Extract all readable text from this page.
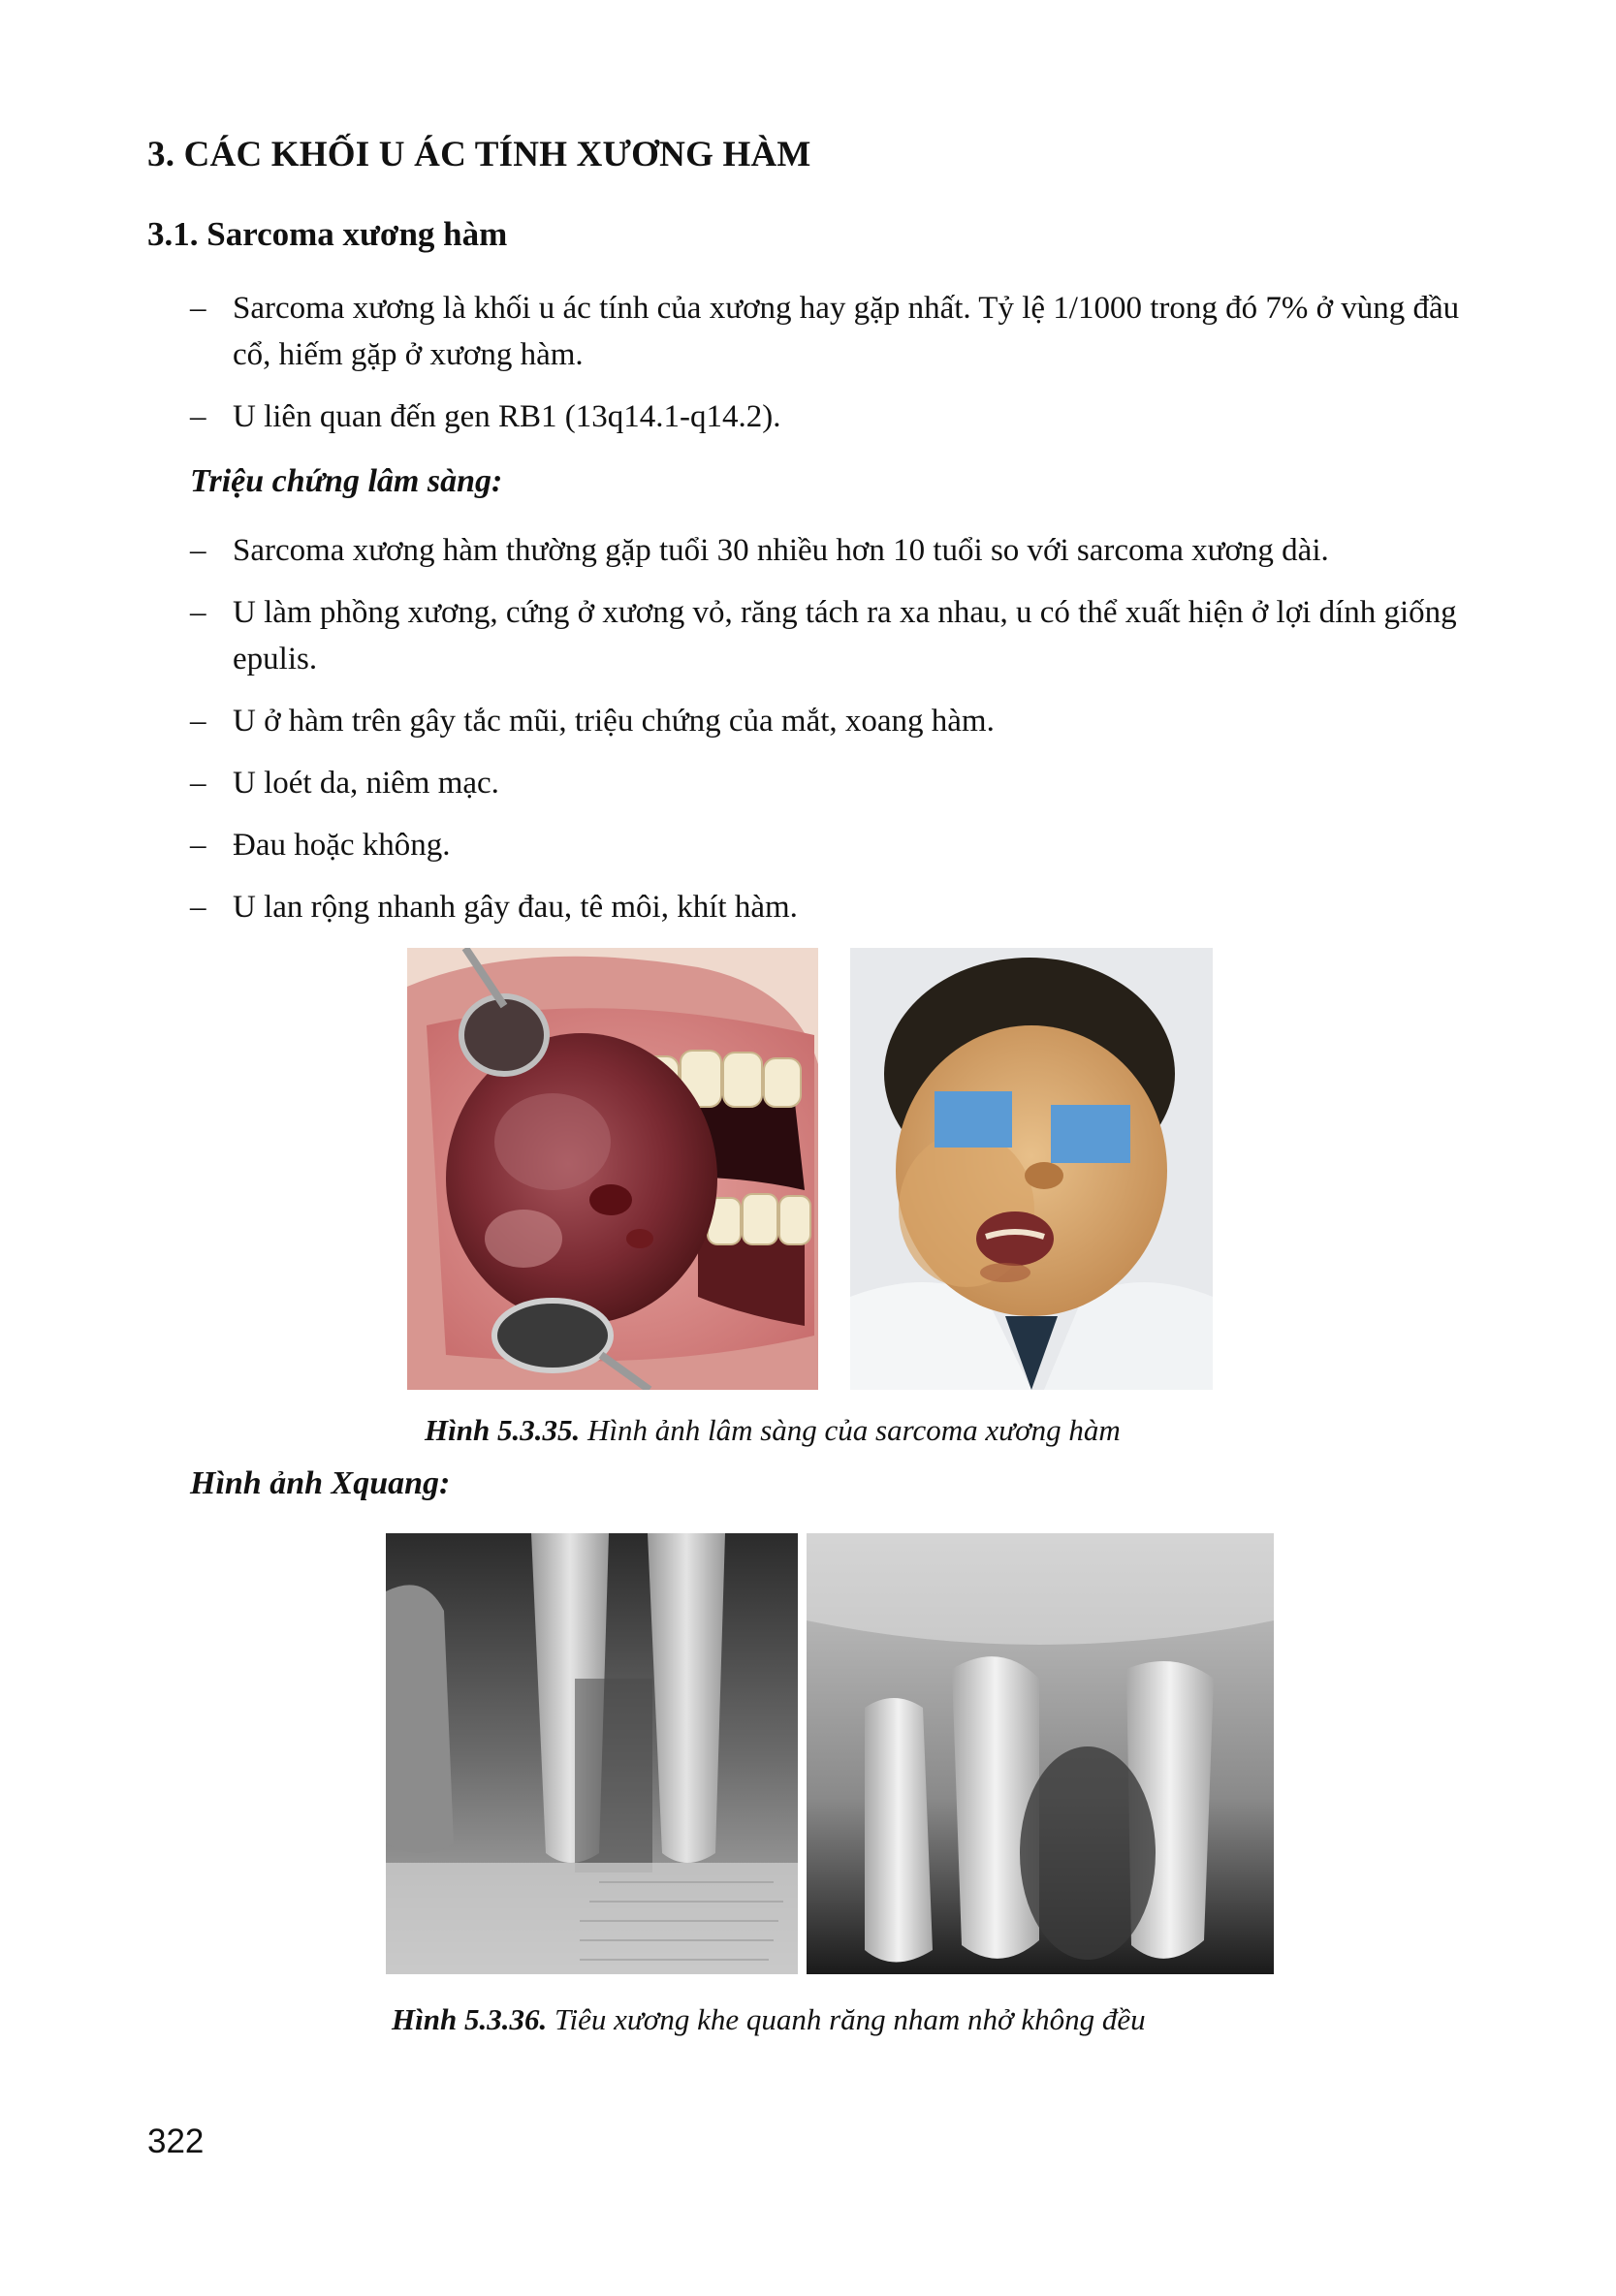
3. CÁC KHỐI U ÁC TÍNH XƯƠNG HÀM
3.1. Sarcoma xương hàm
– Sarcoma xương là khối u ác tính của xương hay gặp nhất. Tỷ lệ 1/1000 trong đó 7% ở vùng đầu cổ, hiếm gặp ở xương hàm.
– U liên quan đến gen RB1 (13q14.1-q14.2).
Triệu chứng lâm sàng:
– Sarcoma xương hàm thường gặp tuổi 30 nhiều hơn 10 tuổi so với sarcoma xương dài.
– U làm phồng xương, cứng ở xương vỏ, răng tách ra xa nhau, u có thể xuất hiện ở lợi dính giống epulis.
– U ở hàm trên gây tắc mũi, triệu chứng của mắt, xoang hàm.
– U loét da, niêm mạc.
– Đau hoặc không.
– U lan rộng nhanh gây đau, tê môi, khít hàm.

Hình 5.3.35. Hình ảnh lâm sàng của sarcoma xương hàm

Hình ảnh Xquang:

Hình 5.3.36. Tiêu xương khe quanh răng nham nhở không đều

322
